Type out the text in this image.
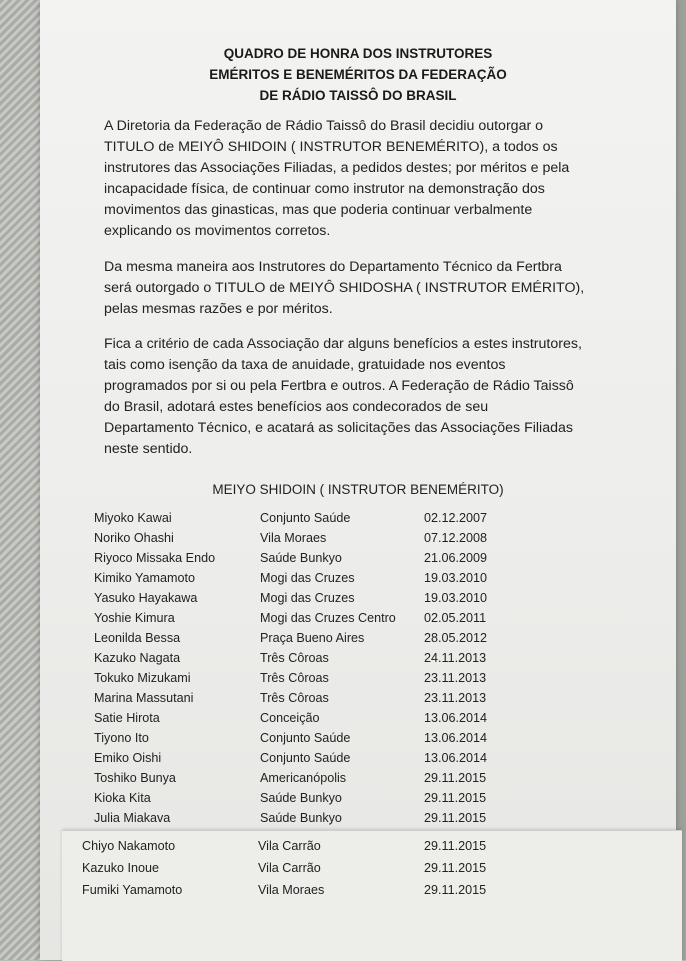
QUADRO DE HONRA DOS INSTRUTORES
EMÉRITOS E BENEMÉRITOS DA FEDERAÇÃO
DE RÁDIO TAISSÔ DO BRASIL
A Diretoria da Federação de Rádio Taissô do Brasil decidiu outorgar o
TITULO de MEIYÔ SHIDOIN ( INSTRUTOR BENEMÉRITO), a todos os
instrutores das Associações Filiadas, a pedidos destes; por méritos e pela
incapacidade física, de continuar como instrutor na demonstração dos
movimentos das ginasticas, mas que poderia continuar verbalmente
explicando os movimentos corretos.
Da mesma maneira aos Instrutores do Departamento Técnico da Fertbra
será outorgado o TITULO de MEIYÔ SHIDOSHA ( INSTRUTOR EMÉRITO),
pelas mesmas razões e por méritos.
Fica a critério de cada Associação dar alguns benefícios a estes instrutores,
tais como isenção da taxa de anuidade, gratuidade nos eventos
programados por si ou pela Fertbra e outros. A Federação de Rádio Taissô
do Brasil, adotará estes benefícios aos condecorados de seu
Departamento Técnico, e acatará as solicitações das Associações Filiadas
neste sentido.
MEIYO SHIDOIN ( INSTRUTOR BENEMÉRITO)
Miyoko Kawai	Conjunto Saúde	02.12.2007
Noriko Ohashi	Vila Moraes	07.12.2008
Riyoco Missaka Endo	Saúde Bunkyo	21.06.2009
Kimiko Yamamoto	Mogi das Cruzes	19.03.2010
Yasuko Hayakawa	Mogi das Cruzes	19.03.2010
Yoshie Kimura	Mogi das Cruzes Centro 02.05.2011
Leonilda Bessa	Praça Bueno Aires	28.05.2012
Kazuko Nagata	Três Côroas	24.11.2013
Tokuko Mizukami	Três Côroas	23.11.2013
Marina Massutani	Três Côroas	23.11.2013
Satie Hirota	Conceição	13.06.2014
Tiyono Ito	Conjunto Saúde	13.06.2014
Emiko Oishi	Conjunto Saúde	13.06.2014
Toshiko Bunya	Americanópolis	29.11.2015
Kioka Kita	Saúde Bunkyo	29.11.2015
Julia Miakava	Saúde Bunkyo	29.11.2015
Chiyo Nakamoto	Vila Carrão	29.11.2015
Kazuko Inoue	Vila Carrão	29.11.2015
Fumiki Yamamoto	Vila Moraes	29.11.2015
